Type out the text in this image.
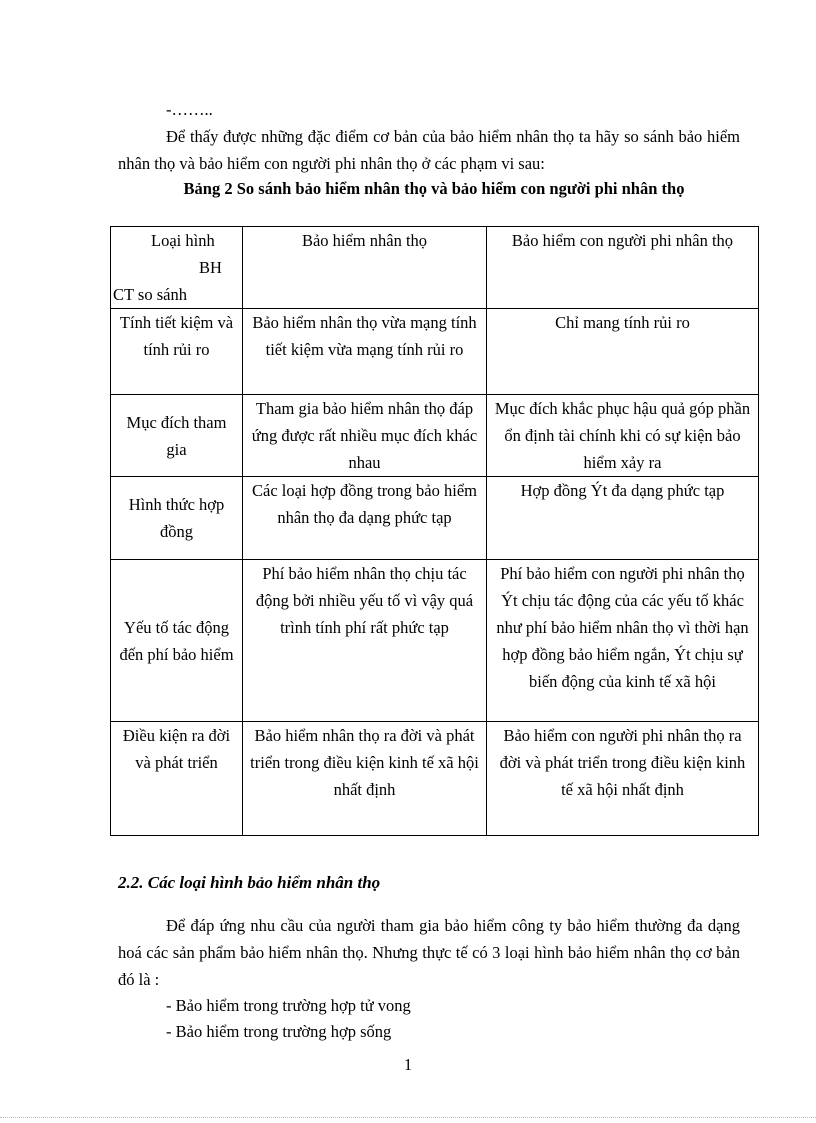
-……..
Để thấy được những đặc điểm cơ bản của bảo hiểm nhân thọ ta hãy so sánh bảo hiểm nhân thọ và bảo hiểm con người phi nhân thọ ở các phạm vi sau:
Bảng 2 So sánh bảo hiểm nhân thọ và bảo hiểm con người phi nhân thọ
Loại hình
BH
CT so sánh	Bảo hiểm nhân thọ	Bảo hiểm con người phi nhân thọ
Tính tiết kiệm và tính rủi ro	Bảo hiểm nhân thọ vừa mạng tính tiết kiệm vừa mạng tính rủi ro	Chỉ mang tính rủi ro
Mục đích tham gia	Tham gia bảo hiểm nhân thọ đáp ứng được rất nhiều mục đích khác nhau	Mục đích khắc phục hậu quả góp phần ổn định tài chính khi có sự kiện bảo hiểm xảy ra
Hình thức hợp đồng	Các loại hợp đồng trong bảo hiểm nhân thọ đa dạng phức tạp	Hợp đồng Ýt đa dạng phức tạp
Yếu tố tác động đến phí bảo hiểm	Phí bảo hiểm nhân thọ chịu tác động bởi nhiều yếu tố vì vậy quá trình tính phí rất phức tạp	Phí bảo hiểm con người phi nhân thọ Ýt chịu tác động của các yếu tố khác như phí bảo hiểm nhân thọ vì thời hạn hợp đồng bảo hiểm ngắn, Ýt chịu sự biến động của kinh tế xã hội
Điều kiện ra đời và phát triển	Bảo hiểm nhân thọ ra đời và phát triển trong điều kiện kinh tế xã hội nhất định	Bảo hiểm con người phi nhân thọ ra đời và phát triển trong điều kiện kinh tế xã hội nhất định
2.2. Các loại hình bảo hiểm nhân thọ
Để đáp ứng nhu cầu của người tham gia bảo hiểm công ty bảo hiểm thường đa dạng hoá các sản phẩm bảo hiểm nhân thọ. Nhưng thực tế có 3 loại hình bảo hiểm nhân thọ cơ bản đó là :
- Bảo hiểm trong trường hợp tử vong
- Bảo hiểm trong trường hợp sống
1
